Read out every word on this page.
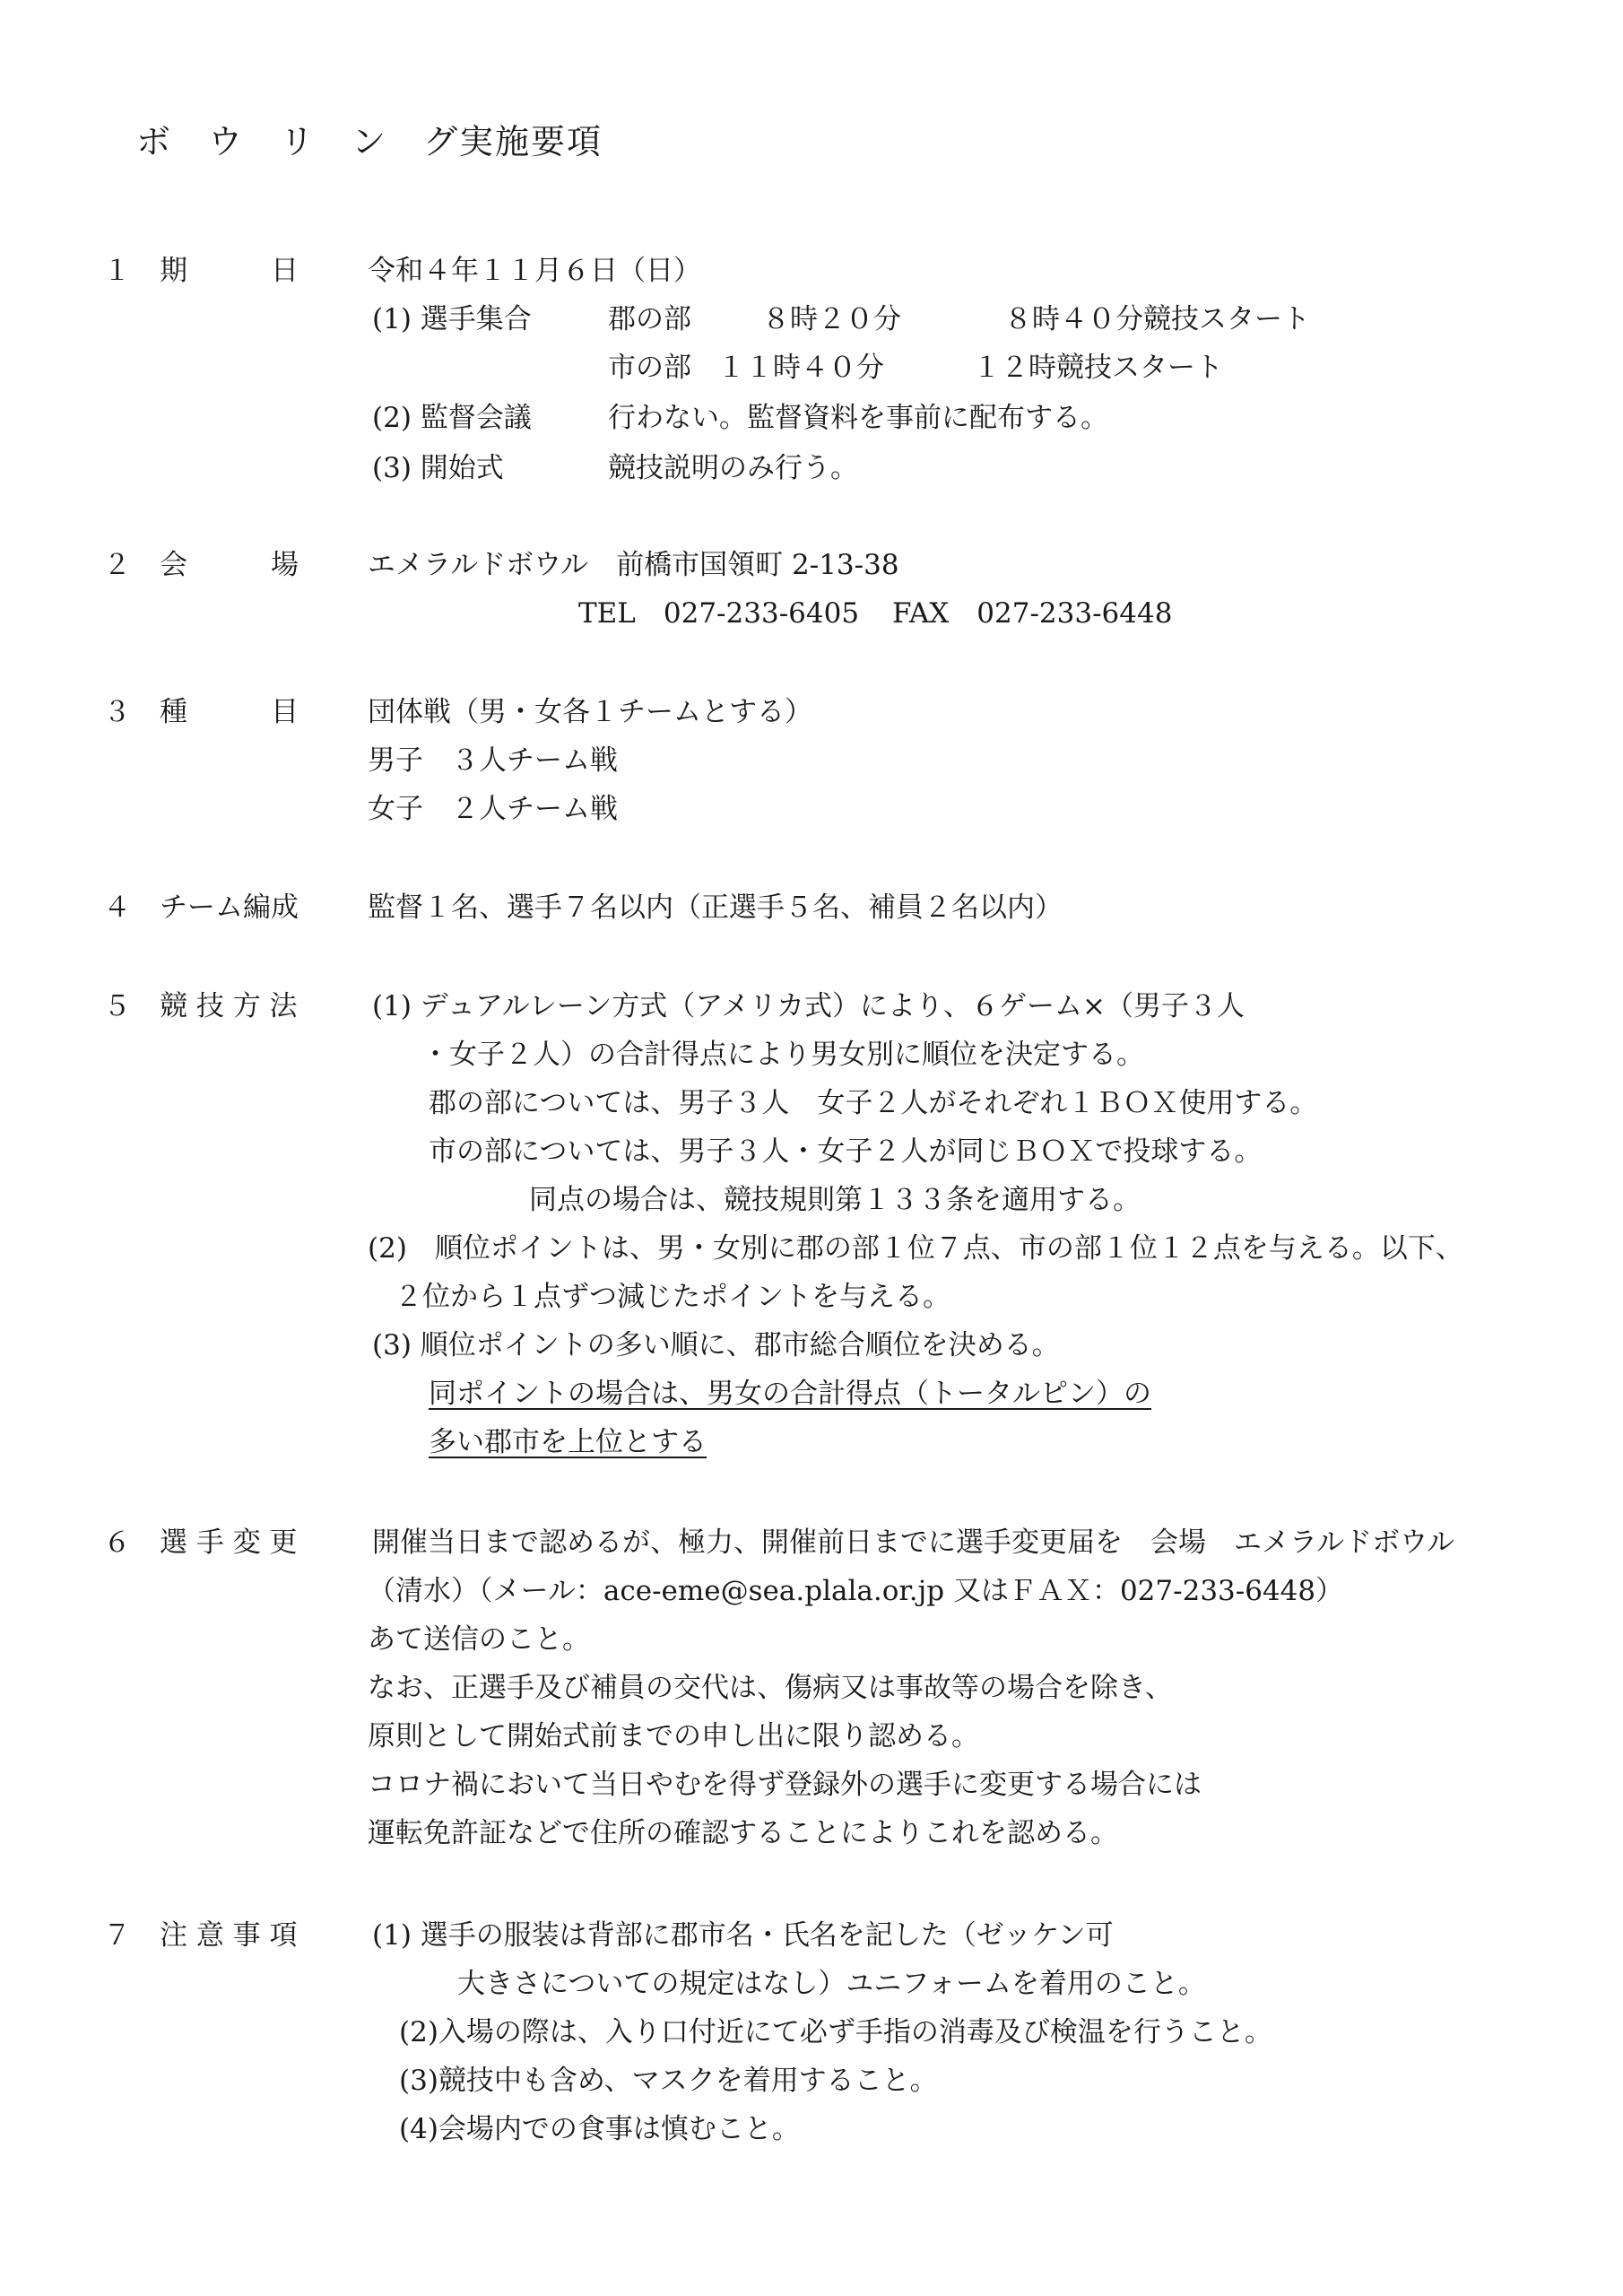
ボ　ウ　リ　ン　グ実施要項
１ 期　　　日 令和４年１１月６日（日）
(1) 選手集合	郡の部	８時２０分	８時４０分競技スタート
市の部 １１時４０分	１２時競技スタート
(2) 監督会議	行わない。監督資料を事前に配布する。
(3) 開始式	競技説明のみ行う。
２ 会　　　場 エメラルドボウル　前橋市国領町 2-13-38
TEL　027-233-6405 FAX　027-233-6448
３ 種　　　目 団体戦（男・女各１チームとする）
男子　３人チーム戦
女子　２人チーム戦
４ チーム編成 監督１名、選手７名以内（正選手５名、補員２名以内）
５ 競 技 方 法	(1) デュアルレーン方式（アメリカ式）により、６ゲーム×（男子３人
・女子２人）の合計得点により男女別に順位を決定する。
郡の部については、男子３人　女子２人がそれぞれ１ＢＯＸ使用する。
市の部については、男子３人・女子２人が同じＢＯＸで投球する。
同点の場合は、競技規則第１３３条を適用する。
(2)　順位ポイントは、男・女別に郡の部１位７点、市の部１位１２点を与える。以下、
２位から１点ずつ減じたポイントを与える。
(3) 順位ポイントの多い順に、郡市総合順位を決める。
同ポイントの場合は、男女の合計得点（トータルピン）の
多い郡市を上位とする
６ 選 手 変 更	開催当日まで認めるが、極力、開催前日までに選手変更届を　会場　エメラルドボウル
（清水）（メール：ace-eme@sea.plala.or.jp 又はＦＡＸ：027-233-6448）
あて送信のこと。
なお、正選手及び補員の交代は、傷病又は事故等の場合を除き、
原則として開始式前までの申し出に限り認める。
コロナ禍において当日やむを得ず登録外の選手に変更する場合には
運転免許証などで住所の確認することによりこれを認める。
７ 注 意 事 項	(1) 選手の服装は背部に郡市名・氏名を記した（ゼッケン可
大きさについての規定はなし）ユニフォームを着用のこと。
(2)入場の際は、入り口付近にて必ず手指の消毒及び検温を行うこと。
(3)競技中も含め、マスクを着用すること。
(4)会場内での食事は慎むこと。
